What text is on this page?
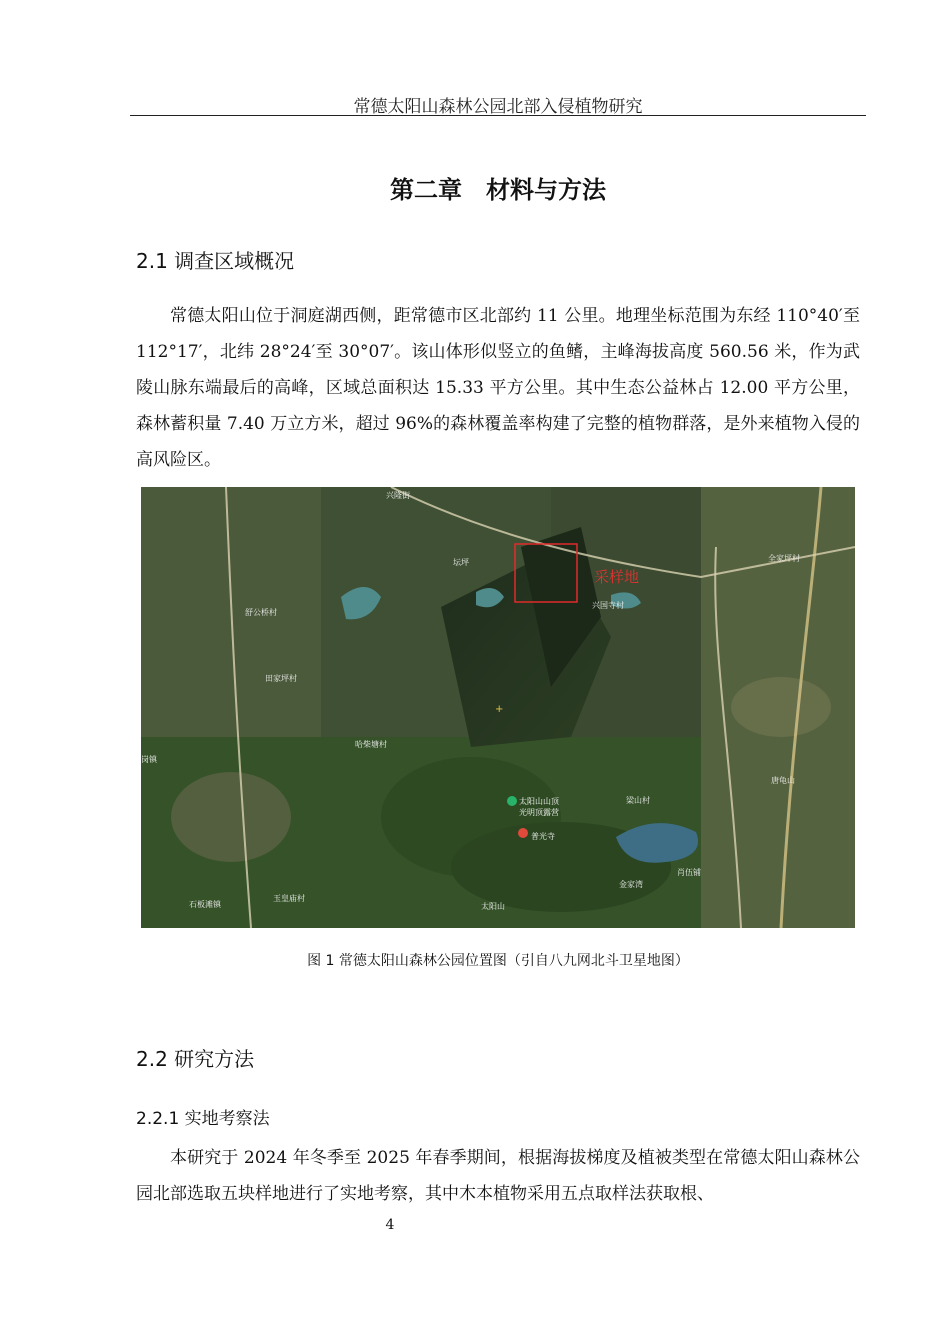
常德太阳山森林公园北部入侵植物研究
第二章　材料与方法
2.1 调查区域概况

常德太阳山位于洞庭湖西侧，距常德市区北部约 11 公里。地理坐标范围为东经 110°40′至 112°17′，北纬 28°24′至 30°07′。该山体形似竖立的鱼鳍，主峰海拔高度 560.56 米，作为武陵山脉东端最后的高峰，区域总面积达 15.33 平方公里。其中生态公益林占 12.00 平方公里，森林蓄积量 7.40 万立方米，超过 96%的森林覆盖率构建了完整的植物群落，是外来植物入侵的高风险区。

采样地
+
兴隆街
坛坪
舒公桥村
兴国寺村
全家坪村
田家坪村
哈柴塘村
太阳山山顶
光明顶露营
普光寺
梁山村
唐龟山
石板滩镇
玉皇庙村
太阳山
金家湾
肖伍铺
岗镇
图 1 常德太阳山森林公园位置图（引自八九网北斗卫星地图）
2.2 研究方法
2.2.1 实地考察法

本研究于 2024 年冬季至 2025 年春季期间，根据海拔梯度及植被类型在常德太阳山森林公园北部选取五块样地进行了实地考察，其中木本植物采用五点取样法获取根、

4
